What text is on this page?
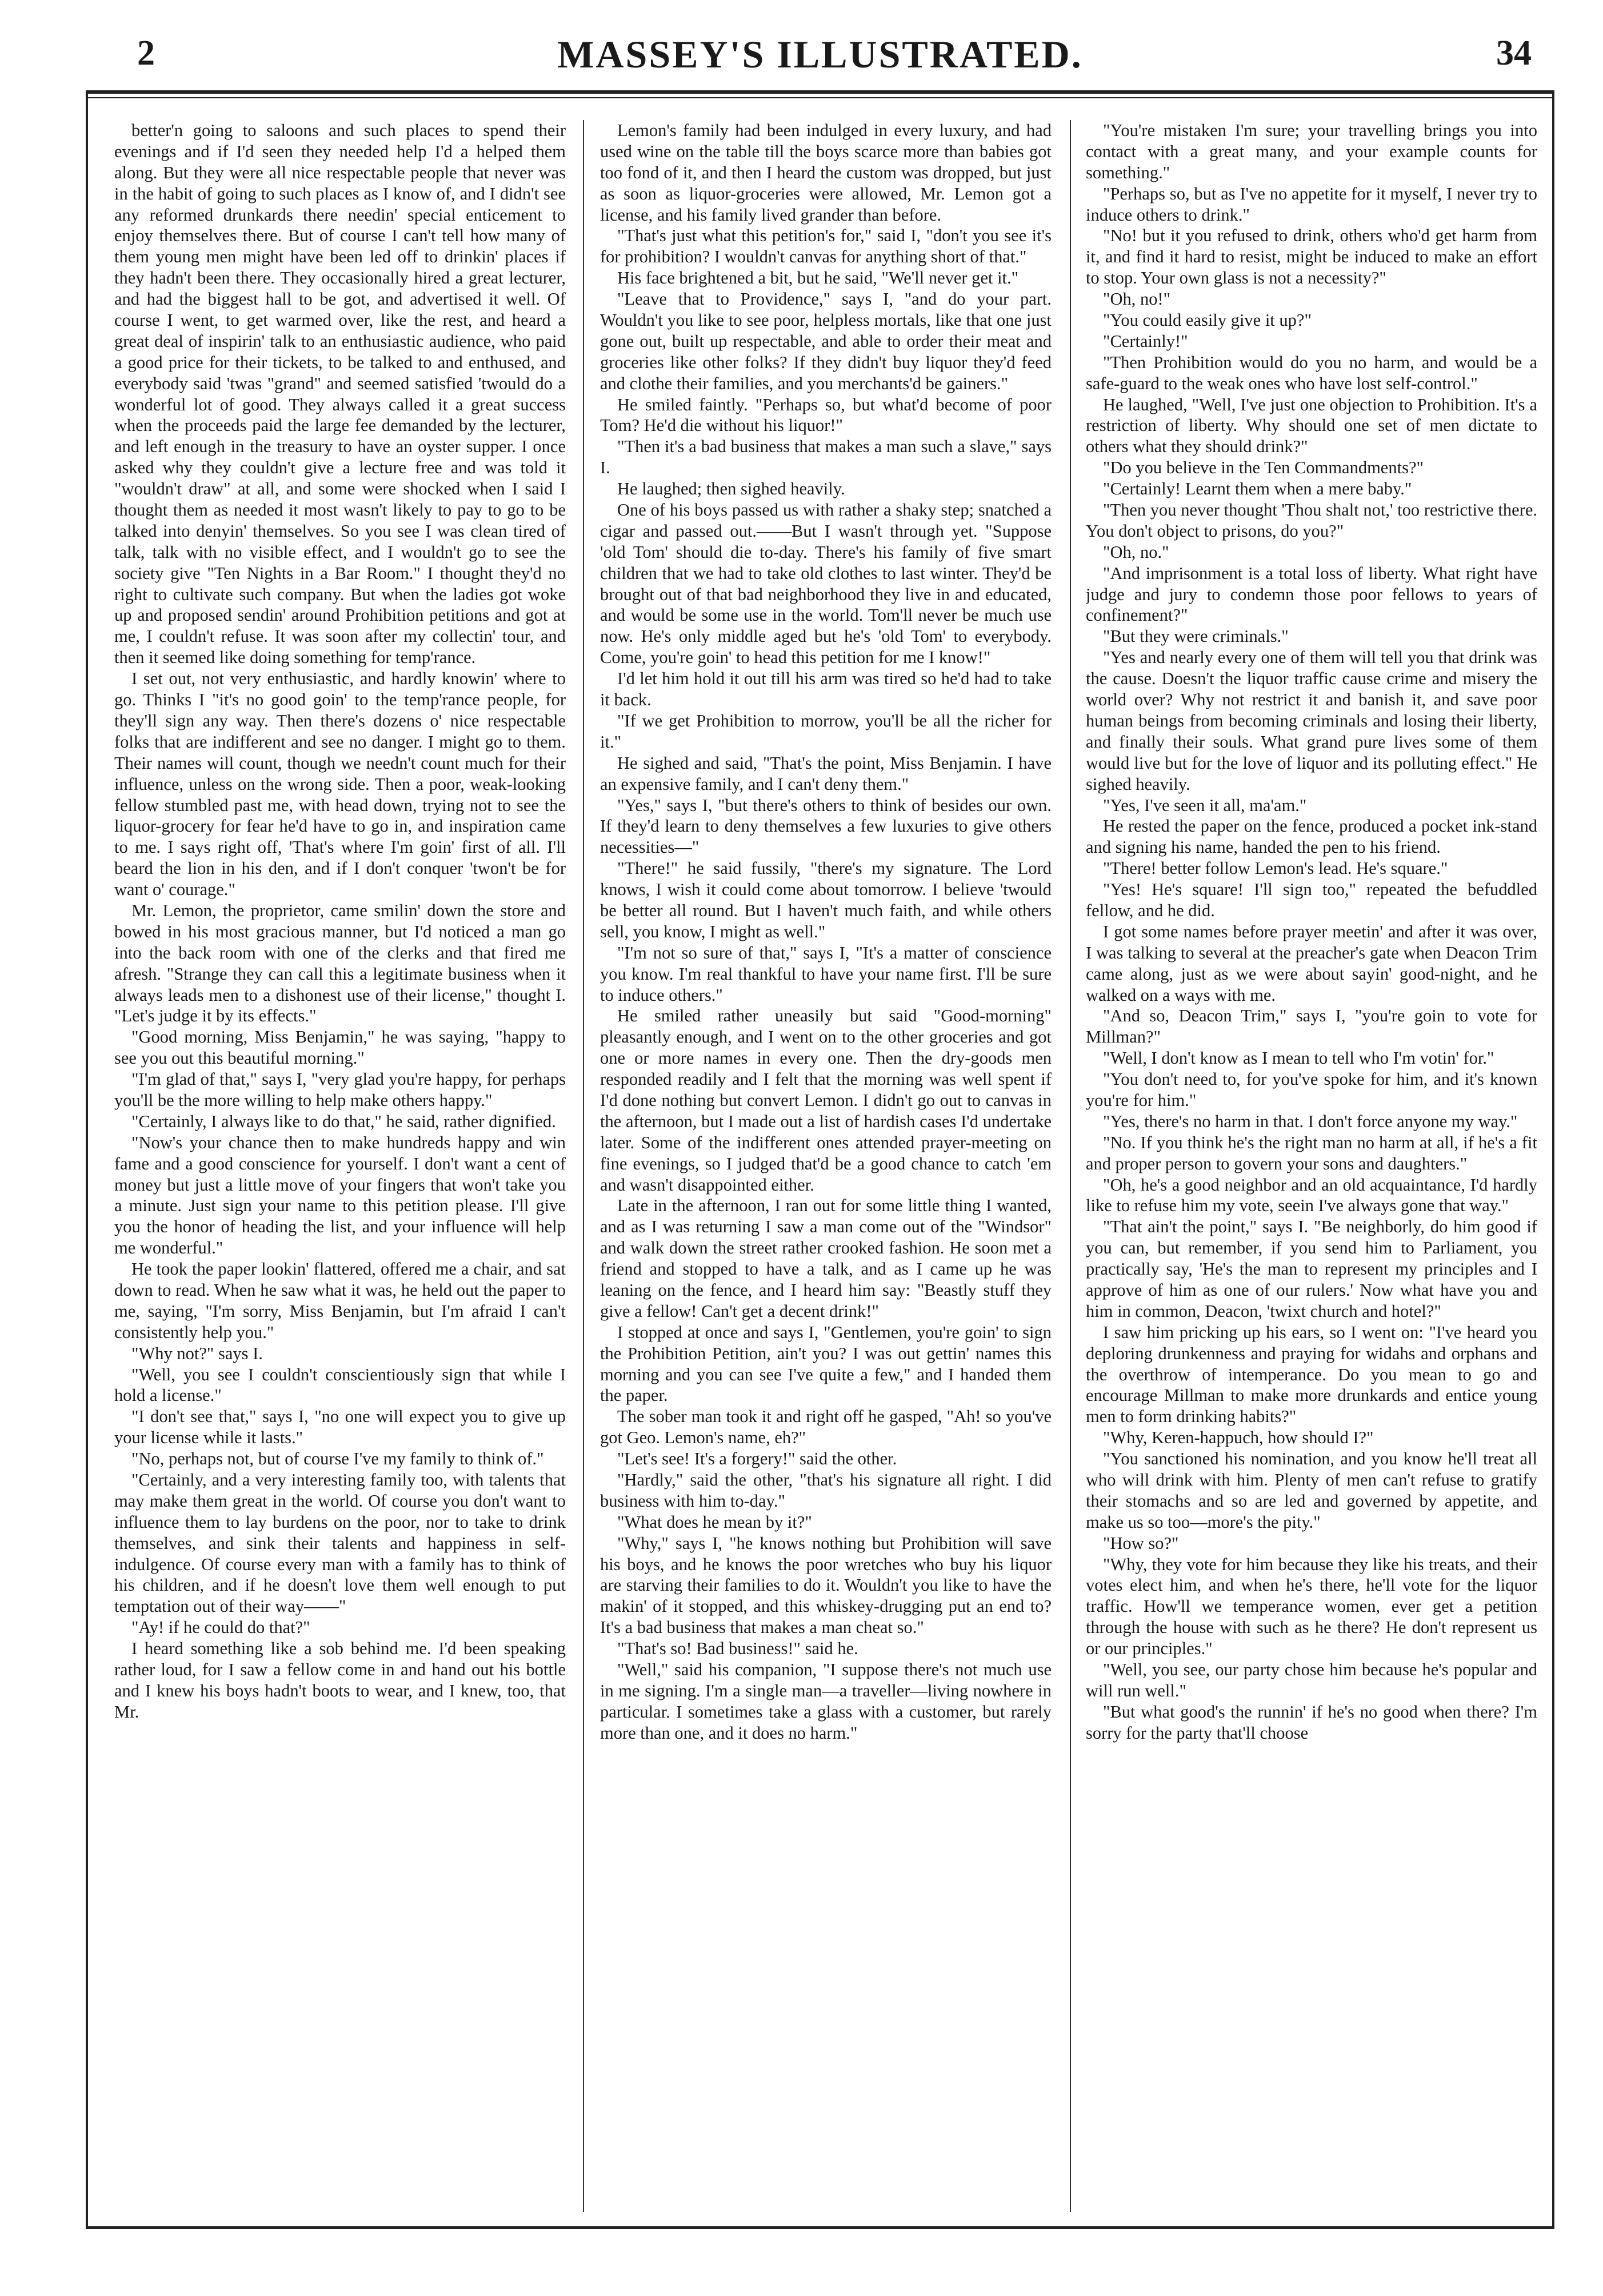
2	MASSEY'S ILLUSTRATED.	34

better'n going to saloons and such places to spend their evenings and if I'd seen they needed help I'd a helped them along. But they were all nice respectable people that never was in the habit of going to such places as I know of, and I didn't see any reformed drunkards there needin' special enticement to enjoy themselves there. But of course I can't tell how many of them young men might have been led off to drinkin' places if they hadn't been there. They occasionally hired a great lecturer, and had the biggest hall to be got, and advertised it well. Of course I went, to get warmed over, like the rest, and heard a great deal of inspirin' talk to an enthusiastic audience, who paid a good price for their tickets, to be talked to and enthused, and everybody said 'twas "grand" and seemed satisfied 'twould do a wonderful lot of good. They always called it a great success when the proceeds paid the large fee demanded by the lecturer, and left enough in the treasury to have an oyster supper. I once asked why they couldn't give a lecture free and was told it "wouldn't draw" at all, and some were shocked when I said I thought them as needed it most wasn't likely to pay to go to be talked into denyin' themselves. So you see I was clean tired of talk, talk with no visible effect, and I wouldn't go to see the society give "Ten Nights in a Bar Room." I thought they'd no right to cultivate such company. But when the ladies got woke up and proposed sendin' around Prohibition petitions and got at me, I couldn't refuse. It was soon after my collectin' tour, and then it seemed like doing something for temp'rance.

I set out, not very enthusiastic, and hardly knowin' where to go. Thinks I "it's no good goin' to the temp'rance people, for they'll sign any way. Then there's dozens o' nice respectable folks that are indifferent and see no danger. I might go to them. Their names will count, though we needn't count much for their influence, unless on the wrong side. Then a poor, weak-looking fellow stumbled past me, with head down, trying not to see the liquor-grocery for fear he'd have to go in, and inspiration came to me. I says right off, 'That's where I'm goin' first of all. I'll beard the lion in his den, and if I don't conquer 'twon't be for want o' courage."

Mr. Lemon, the proprietor, came smilin' down the store and bowed in his most gracious manner, but I'd noticed a man go into the back room with one of the clerks and that fired me afresh. "Strange they can call this a legitimate business when it always leads men to a dishonest use of their license," thought I. "Let's judge it by its effects."

"Good morning, Miss Benjamin," he was saying, "happy to see you out this beautiful morning."

"I'm glad of that," says I, "very glad you're happy, for perhaps you'll be the more willing to help make others happy."

"Certainly, I always like to do that," he said, rather dignified.

"Now's your chance then to make hundreds happy and win fame and a good conscience for yourself. I don't want a cent of money but just a little move of your fingers that won't take you a minute. Just sign your name to this petition please. I'll give you the honor of heading the list, and your influence will help me wonderful."

He took the paper lookin' flattered, offered me a chair, and sat down to read. When he saw what it was, he held out the paper to me, saying, "I'm sorry, Miss Benjamin, but I'm afraid I can't consistently help you."

"Why not?" says I.

"Well, you see I couldn't conscientiously sign that while I hold a license."

"I don't see that," says I, "no one will expect you to give up your license while it lasts."

"No, perhaps not, but of course I've my family to think of."

"Certainly, and a very interesting family too, with talents that may make them great in the world. Of course you don't want to influence them to lay burdens on the poor, nor to take to drink themselves, and sink their talents and happiness in self-indulgence. Of course every man with a family has to think of his children, and if he doesn't love them well enough to put temptation out of their way——"

"Ay! if he could do that?"

I heard something like a sob behind me. I'd been speaking rather loud, for I saw a fellow come in and hand out his bottle and I knew his boys hadn't boots to wear, and I knew, too, that Mr.

Lemon's family had been indulged in every luxury, and had used wine on the table till the boys scarce more than babies got too fond of it, and then I heard the custom was dropped, but just as soon as liquor-groceries were allowed, Mr. Lemon got a license, and his family lived grander than before.

"That's just what this petition's for," said I, "don't you see it's for prohibition? I wouldn't canvas for anything short of that."

His face brightened a bit, but he said, "We'll never get it."

"Leave that to Providence," says I, "and do your part. Wouldn't you like to see poor, helpless mortals, like that one just gone out, built up respectable, and able to order their meat and groceries like other folks? If they didn't buy liquor they'd feed and clothe their families, and you merchants'd be gainers."

He smiled faintly. "Perhaps so, but what'd become of poor Tom? He'd die without his liquor!"

"Then it's a bad business that makes a man such a slave," says I.

He laughed; then sighed heavily.

One of his boys passed us with rather a shaky step; snatched a cigar and passed out.——But I wasn't through yet. "Suppose 'old Tom' should die to-day. There's his family of five smart children that we had to take old clothes to last winter. They'd be brought out of that bad neighborhood they live in and educated, and would be some use in the world. Tom'll never be much use now. He's only middle aged but he's 'old Tom' to everybody. Come, you're goin' to head this petition for me I know!"

I'd let him hold it out till his arm was tired so he'd had to take it back.

"If we get Prohibition to morrow, you'll be all the richer for it."

He sighed and said, "That's the point, Miss Benjamin. I have an expensive family, and I can't deny them."

"Yes," says I, "but there's others to think of besides our own. If they'd learn to deny themselves a few luxuries to give others necessities—"

"There!" he said fussily, "there's my signature. The Lord knows, I wish it could come about tomorrow. I believe 'twould be better all round. But I haven't much faith, and while others sell, you know, I might as well."

"I'm not so sure of that," says I, "It's a matter of conscience you know. I'm real thankful to have your name first. I'll be sure to induce others."

He smiled rather uneasily but said "Good-morning" pleasantly enough, and I went on to the other groceries and got one or more names in every one. Then the dry-goods men responded readily and I felt that the morning was well spent if I'd done nothing but convert Lemon. I didn't go out to canvas in the afternoon, but I made out a list of hardish cases I'd undertake later. Some of the indifferent ones attended prayer-meeting on fine evenings, so I judged that'd be a good chance to catch 'em and wasn't disappointed either.

Late in the afternoon, I ran out for some little thing I wanted, and as I was returning I saw a man come out of the "Windsor" and walk down the street rather crooked fashion. He soon met a friend and stopped to have a talk, and as I came up he was leaning on the fence, and I heard him say: "Beastly stuff they give a fellow! Can't get a decent drink!"

I stopped at once and says I, "Gentlemen, you're goin' to sign the Prohibition Petition, ain't you? I was out gettin' names this morning and you can see I've quite a few," and I handed them the paper.

The sober man took it and right off he gasped, "Ah! so you've got Geo. Lemon's name, eh?"

"Let's see! It's a forgery!" said the other.

"Hardly," said the other, "that's his signature all right. I did business with him to-day."

"What does he mean by it?"

"Why," says I, "he knows nothing but Prohibition will save his boys, and he knows the poor wretches who buy his liquor are starving their families to do it. Wouldn't you like to have the makin' of it stopped, and this whiskey-drugging put an end to? It's a bad business that makes a man cheat so."

"That's so! Bad business!" said he.

"Well," said his companion, "I suppose there's not much use in me signing. I'm a single man—a traveller—living nowhere in particular. I sometimes take a glass with a customer, but rarely more than one, and it does no harm."

"You're mistaken I'm sure; your travelling brings you into contact with a great many, and your example counts for something."

"Perhaps so, but as I've no appetite for it myself, I never try to induce others to drink."

"No! but it you refused to drink, others who'd get harm from it, and find it hard to resist, might be induced to make an effort to stop. Your own glass is not a necessity?"

"Oh, no!"

"You could easily give it up?"

"Certainly!"

"Then Prohibition would do you no harm, and would be a safe-guard to the weak ones who have lost self-control."

He laughed, "Well, I've just one objection to Prohibition. It's a restriction of liberty. Why should one set of men dictate to others what they should drink?"

"Do you believe in the Ten Commandments?"

"Certainly! Learnt them when a mere baby."

"Then you never thought 'Thou shalt not,' too restrictive there. You don't object to prisons, do you?"

"Oh, no."

"And imprisonment is a total loss of liberty. What right have judge and jury to condemn those poor fellows to years of confinement?"

"But they were criminals."

"Yes and nearly every one of them will tell you that drink was the cause. Doesn't the liquor traffic cause crime and misery the world over? Why not restrict it and banish it, and save poor human beings from becoming criminals and losing their liberty, and finally their souls. What grand pure lives some of them would live but for the love of liquor and its polluting effect." He sighed heavily.

"Yes, I've seen it all, ma'am."

He rested the paper on the fence, produced a pocket ink-stand and signing his name, handed the pen to his friend.

"There! better follow Lemon's lead. He's square."

"Yes! He's square! I'll sign too," repeated the befuddled fellow, and he did.

I got some names before prayer meetin' and after it was over, I was talking to several at the preacher's gate when Deacon Trim came along, just as we were about sayin' good-night, and he walked on a ways with me.

"And so, Deacon Trim," says I, "you're goin to vote for Millman?"

"Well, I don't know as I mean to tell who I'm votin' for."

"You don't need to, for you've spoke for him, and it's known you're for him."

"Yes, there's no harm in that. I don't force anyone my way."

"No. If you think he's the right man no harm at all, if he's a fit and proper person to govern your sons and daughters."

"Oh, he's a good neighbor and an old acquaintance, I'd hardly like to refuse him my vote, seein I've always gone that way."

"That ain't the point," says I. "Be neighborly, do him good if you can, but remember, if you send him to Parliament, you practically say, 'He's the man to represent my principles and I approve of him as one of our rulers.' Now what have you and him in common, Deacon, 'twixt church and hotel?"

I saw him pricking up his ears, so I went on: "I've heard you deploring drunkenness and praying for widahs and orphans and the overthrow of intemperance. Do you mean to go and encourage Millman to make more drunkards and entice young men to form drinking habits?"

"Why, Keren-happuch, how should I?"

"You sanctioned his nomination, and you know he'll treat all who will drink with him. Plenty of men can't refuse to gratify their stomachs and so are led and governed by appetite, and make us so too—more's the pity."

"How so?"

"Why, they vote for him because they like his treats, and their votes elect him, and when he's there, he'll vote for the liquor traffic. How'll we temperance women, ever get a petition through the house with such as he there? He don't represent us or our principles."

"Well, you see, our party chose him because he's popular and will run well."

"But what good's the runnin' if he's no good when there? I'm sorry for the party that'll choose
